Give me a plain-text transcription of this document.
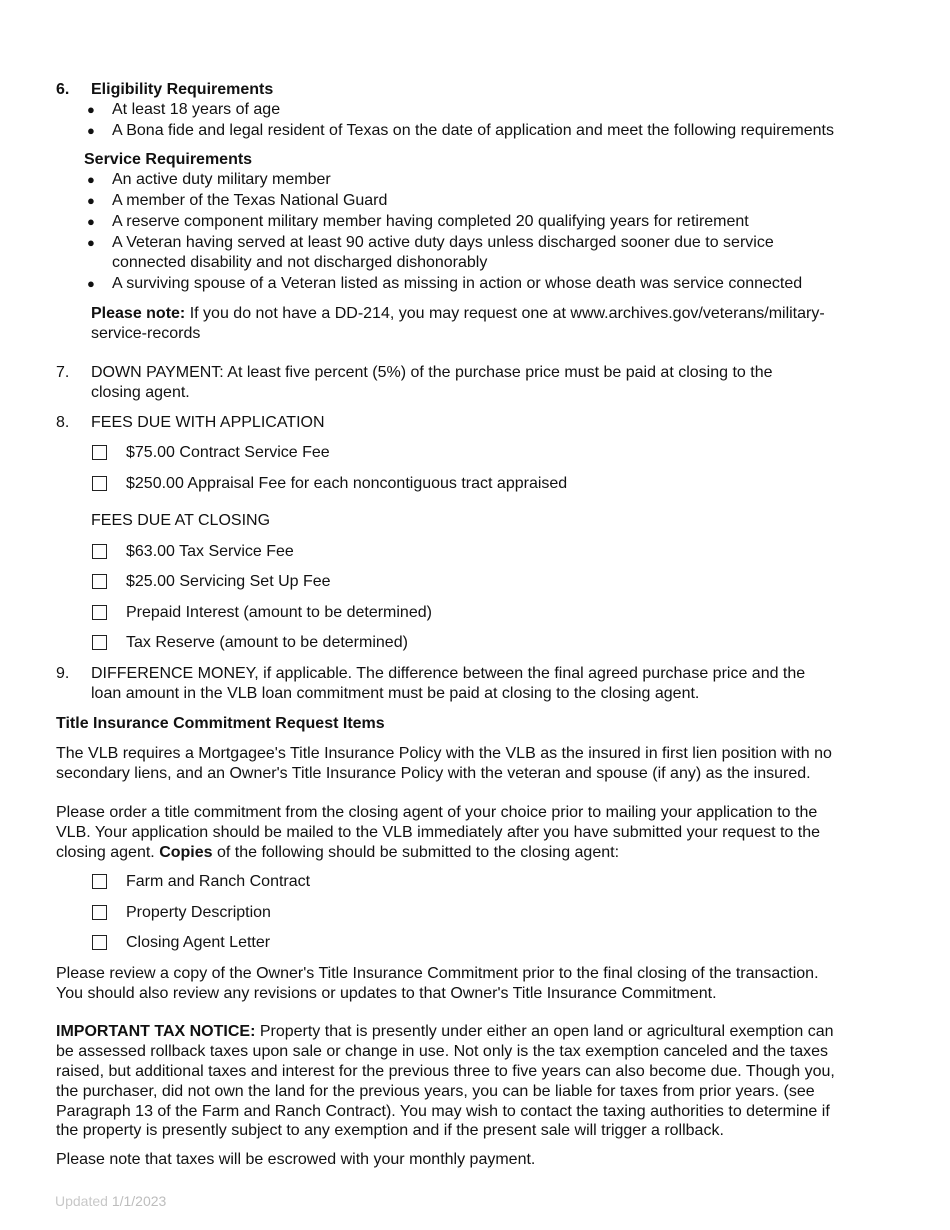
6. Eligibility Requirements
● At least 18 years of age
● A Bona fide and legal resident of Texas on the date of application and meet the following requirements
Service Requirements
● An active duty military member
● A member of the Texas National Guard
● A reserve component military member having completed 20 qualifying years for retirement
● A Veteran having served at least 90 active duty days unless discharged sooner due to service
connected disability and not discharged dishonorably
● A surviving spouse of a Veteran listed as missing in action or whose death was service connected
Please note: If you do not have a DD-214, you may request one at www.archives.gov/veterans/military-
service-records
7. DOWN PAYMENT: At least five percent (5%) of the purchase price must be paid at closing to the
closing agent.
8. FEES DUE WITH APPLICATION
$75.00 Contract Service Fee
$250.00 Appraisal Fee for each noncontiguous tract appraised
FEES DUE AT CLOSING
$63.00 Tax Service Fee
$25.00 Servicing Set Up Fee
Prepaid Interest (amount to be determined)
Tax Reserve (amount to be determined)
9. DIFFERENCE MONEY, if applicable. The difference between the final agreed purchase price and the
loan amount in the VLB loan commitment must be paid at closing to the closing agent.
Title Insurance Commitment Request Items
The VLB requires a Mortgagee's Title Insurance Policy with the VLB as the insured in first lien position with no
secondary liens, and an Owner's Title Insurance Policy with the veteran and spouse (if any) as the insured.
Please order a title commitment from the closing agent of your choice prior to mailing your application to the
VLB. Your application should be mailed to the VLB immediately after you have submitted your request to the
closing agent. Copies of the following should be submitted to the closing agent:
Farm and Ranch Contract
Property Description
Closing Agent Letter
Please review a copy of the Owner's Title Insurance Commitment prior to the final closing of the transaction.
You should also review any revisions or updates to that Owner's Title Insurance Commitment.
IMPORTANT TAX NOTICE: Property that is presently under either an open land or agricultural exemption can
be assessed rollback taxes upon sale or change in use. Not only is the tax exemption canceled and the taxes
raised, but additional taxes and interest for the previous three to five years can also become due. Though you,
the purchaser, did not own the land for the previous years, you can be liable for taxes from prior years. (see
Paragraph 13 of the Farm and Ranch Contract). You may wish to contact the taxing authorities to determine if
the property is presently subject to any exemption and if the present sale will trigger a rollback.
Please note that taxes will be escrowed with your monthly payment.
Updated 1/1/2023
